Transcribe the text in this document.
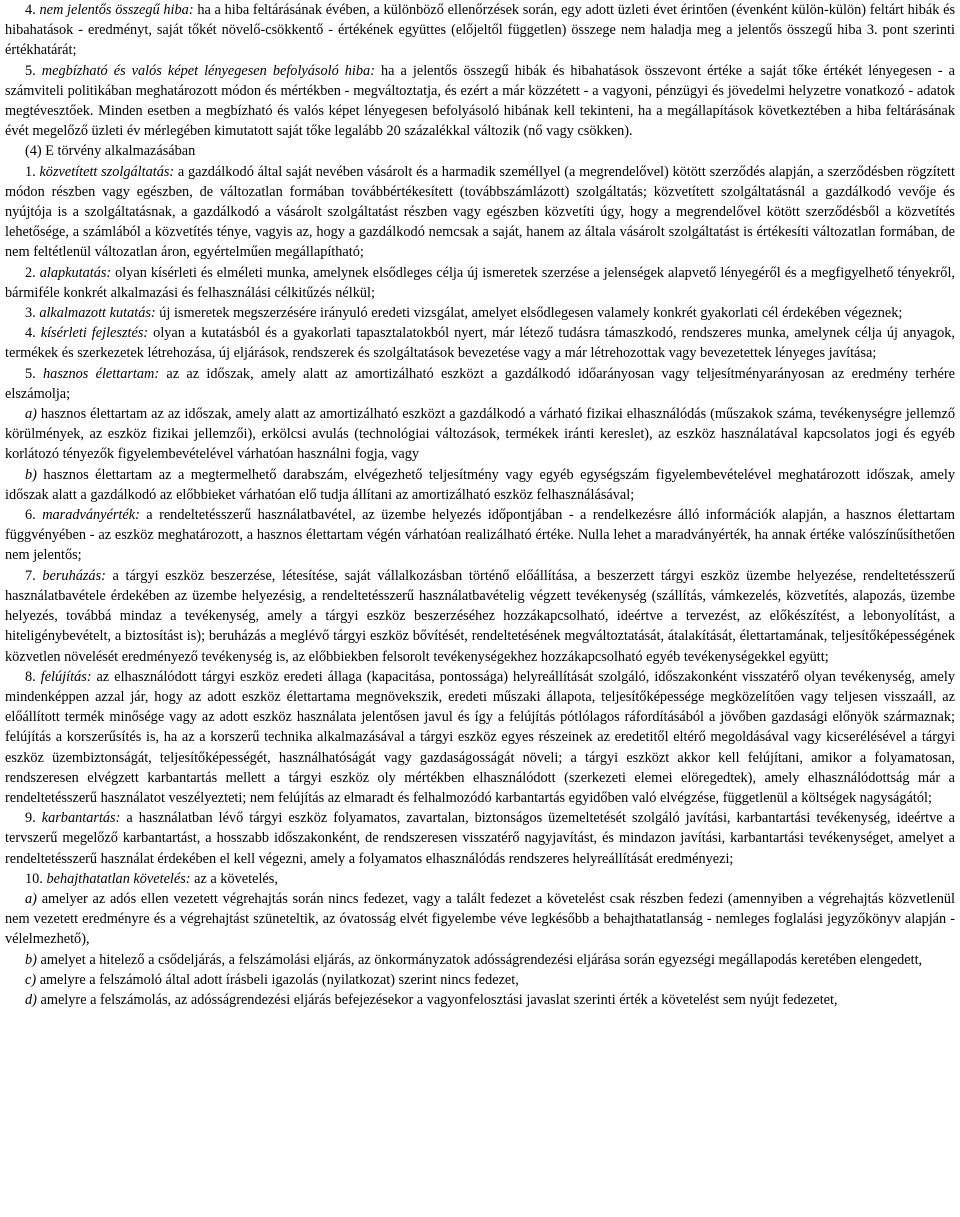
4. nem jelentős összegű hiba: ha a hiba feltárásának évében, a különböző ellenőrzések során, egy adott üzleti évet érintően (évenként külön-külön) feltárt hibák és hibahatások - eredményt, saját tőkét növelő-csökkentő - értékének együttes (előjeltől független) összege nem haladja meg a jelentős összegű hiba 3. pont szerinti értékhatárát;

5. megbízható és valós képet lényegesen befolyásoló hiba: ha a jelentős összegű hibák és hibahatások összevont értéke a saját tőke értékét lényegesen - a számviteli politikában meghatározott módon és mértékben - megváltoztatja, és ezért a már közzétett - a vagyoni, pénzügyi és jövedelmi helyzetre vonatkozó - adatok megtévesztőek. Minden esetben a megbízható és valós képet lényegesen befolyásoló hibának kell tekinteni, ha a megállapítások következtében a hiba feltárásának évét megelőző üzleti év mérlegében kimutatott saját tőke legalább 20 százalékkal változik (nő vagy csökken).

(4) E törvény alkalmazásában

1. közvetített szolgáltatás: a gazdálkodó által saját nevében vásárolt és a harmadik személlyel (a megrendelővel) kötött szerződés alapján, a szerződésben rögzített módon részben vagy egészben, de változatlan formában továbbértékesített (továbbszámlázott) szolgáltatás; közvetített szolgáltatásnál a gazdálkodó vevője és nyújtója is a szolgáltatásnak, a gazdálkodó a vásárolt szolgáltatást részben vagy egészben közvetíti úgy, hogy a megrendelővel kötött szerződésből a közvetítés lehetősége, a számlából a közvetítés ténye, vagyis az, hogy a gazdálkodó nemcsak a saját, hanem az általa vásárolt szolgáltatást is értékesíti változatlan formában, de nem feltétlenül változatlan áron, egyértelműen megállapítható;

2. alapkutatás: olyan kísérleti és elméleti munka, amelynek elsődleges célja új ismeretek szerzése a jelenségek alapvető lényegéről és a megfigyelhető tényekről, bármiféle konkrét alkalmazási és felhasználási célkitűzés nélkül;

3. alkalmazott kutatás: új ismeretek megszerzésére irányuló eredeti vizsgálat, amelyet elsődlegesen valamely konkrét gyakorlati cél érdekében végeznek;

4. kísérleti fejlesztés: olyan a kutatásból és a gyakorlati tapasztalatokból nyert, már létező tudásra támaszkodó, rendszeres munka, amelynek célja új anyagok, termékek és szerkezetek létrehozása, új eljárások, rendszerek és szolgáltatások bevezetése vagy a már létrehozottak vagy bevezetettek lényeges javítása;

5. hasznos élettartam: az az időszak, amely alatt az amortizálható eszközt a gazdálkodó időarányosan vagy teljesítményarányosan az eredmény terhére elszámolja;

a) hasznos élettartam az az időszak, amely alatt az amortizálható eszközt a gazdálkodó a várható fizikai elhasználódás (műszakok száma, tevékenységre jellemző körülmények, az eszköz fizikai jellemzői), erkölcsi avulás (technológiai változások, termékek iránti kereslet), az eszköz használatával kapcsolatos jogi és egyéb korlátozó tényezők figyelembevételével várhatóan használni fogja, vagy

b) hasznos élettartam az a megtermelhető darabszám, elvégezhető teljesítmény vagy egyéb egységszám figyelembevételével meghatározott időszak, amely időszak alatt a gazdálkodó az előbbieket várhatóan elő tudja állítani az amortizálható eszköz felhasználásával;

6. maradványérték: a rendeltetésszerű használatbavétel, az üzembe helyezés időpontjában - a rendelkezésre álló információk alapján, a hasznos élettartam függvényében - az eszköz meghatározott, a hasznos élettartam végén várhatóan realizálható értéke. Nulla lehet a maradványérték, ha annak értéke valószínűsíthetően nem jelentős;

7. beruházás: a tárgyi eszköz beszerzése, létesítése, saját vállalkozásban történő előállítása, a beszerzett tárgyi eszköz üzembe helyezése, rendeltetésszerű használatbavétele érdekében az üzembe helyezésig, a rendeltetésszerű használatbavételig végzett tevékenység (szállítás, vámkezelés, közvetítés, alapozás, üzembe helyezés, továbbá mindaz a tevékenység, amely a tárgyi eszköz beszerzéséhez hozzákapcsolható, ideértve a tervezést, az előkészítést, a lebonyolítást, a hiteligénybevételt, a biztosítást is); beruházás a meglévő tárgyi eszköz bővítését, rendeltetésének megváltoztatását, átalakítását, élettartamának, teljesítőképességének közvetlen növelését eredményező tevékenység is, az előbbiekben felsorolt tevékenységekhez hozzákapcsolható egyéb tevékenységekkel együtt;

8. felújítás: az elhasználódott tárgyi eszköz eredeti állaga (kapacitása, pontossága) helyreállítását szolgáló, időszakonként visszatérő olyan tevékenység, amely mindenképpen azzal jár, hogy az adott eszköz élettartama megnövekszik, eredeti műszaki állapota, teljesítőképessége megközelítően vagy teljesen visszaáll, az előállított termék minősége vagy az adott eszköz használata jelentősen javul és így a felújítás pótlólagos ráfordításából a jövőben gazdasági előnyök származnak; felújítás a korszerűsítés is, ha az a korszerű technika alkalmazásával a tárgyi eszköz egyes részeinek az eredetitől eltérő megoldásával vagy kicserélésével a tárgyi eszköz üzembiztonságát, teljesítőképességét, használhatóságát vagy gazdaságosságát növeli; a tárgyi eszközt akkor kell felújítani, amikor a folyamatosan, rendszeresen elvégzett karbantartás mellett a tárgyi eszköz oly mértékben elhasználódott (szerkezeti elemei elöregedtek), amely elhasználódottság már a rendeltetésszerű használatot veszélyezteti; nem felújítás az elmaradt és felhalmozódó karbantartás egyidőben való elvégzése, függetlenül a költségek nagyságától;

9. karbantartás: a használatban lévő tárgyi eszköz folyamatos, zavartalan, biztonságos üzemeltetését szolgáló javítási, karbantartási tevékenység, ideértve a tervszerű megelőző karbantartást, a hosszabb időszakonként, de rendszeresen visszatérő nagyjavítást, és mindazon javítási, karbantartási tevékenységet, amelyet a rendeltetésszerű használat érdekében el kell végezni, amely a folyamatos elhasználódás rendszeres helyreállítását eredményezi;

10. behajthatatlan követelés: az a követelés,

a) amelyer az adós ellen vezetett végrehajtás során nincs fedezet, vagy a talált fedezet a követelést csak részben fedezi (amennyiben a végrehajtás közvetlenül nem vezetett eredményre és a végrehajtást szüneteltik, az óvatosság elvét figyelembe véve legkésőbb a behajthatatlanság - nemleges foglalási jegyzőkönyv alapján - vélelmezhető),

b) amelyet a hitelező a csődeljárás, a felszámolási eljárás, az önkormányzatok adósságrendezési eljárása során egyezségi megállapodás keretében elengedett,

c) amelyre a felszámoló által adott írásbeli igazolás (nyilatkozat) szerint nincs fedezet,

d) amelyre a felszámolás, az adósságrendezési eljárás befejezésekor a vagyonfelosztási javaslat szerinti érték a követelést sem nyújt fedezetet,
